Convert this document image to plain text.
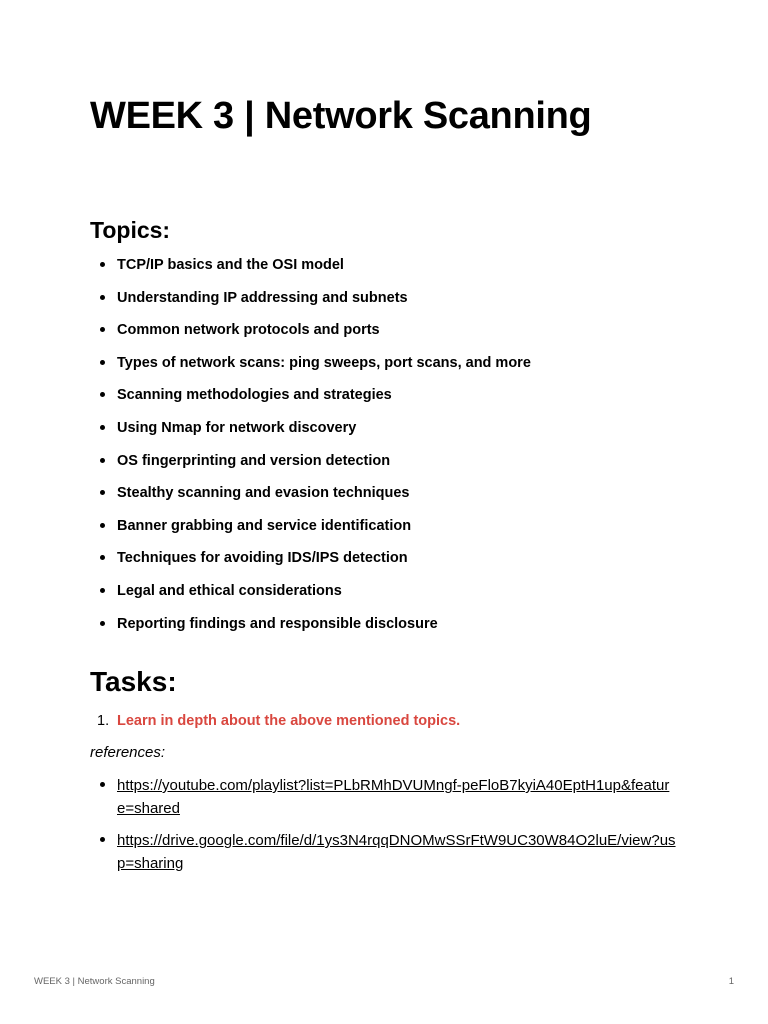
WEEK 3 | Network Scanning
Topics:
TCP/IP basics and the OSI model
Understanding IP addressing and subnets
Common network protocols and ports
Types of network scans: ping sweeps, port scans, and more
Scanning methodologies and strategies
Using Nmap for network discovery
OS fingerprinting and version detection
Stealthy scanning and evasion techniques
Banner grabbing and service identification
Techniques for avoiding IDS/IPS detection
Legal and ethical considerations
Reporting findings and responsible disclosure
Tasks:
1. Learn in depth about the above mentioned topics.

references:

https://youtube.com/playlist?list=PLbRMhDVUMngf-peFloB7kyiA40EptH1up&feature=shared
https://drive.google.com/file/d/1ys3N4rqqDNOMwSSrFtW9UC30W84O2luE/view?usp=sharing
WEEK 3 | Network Scanning	1
